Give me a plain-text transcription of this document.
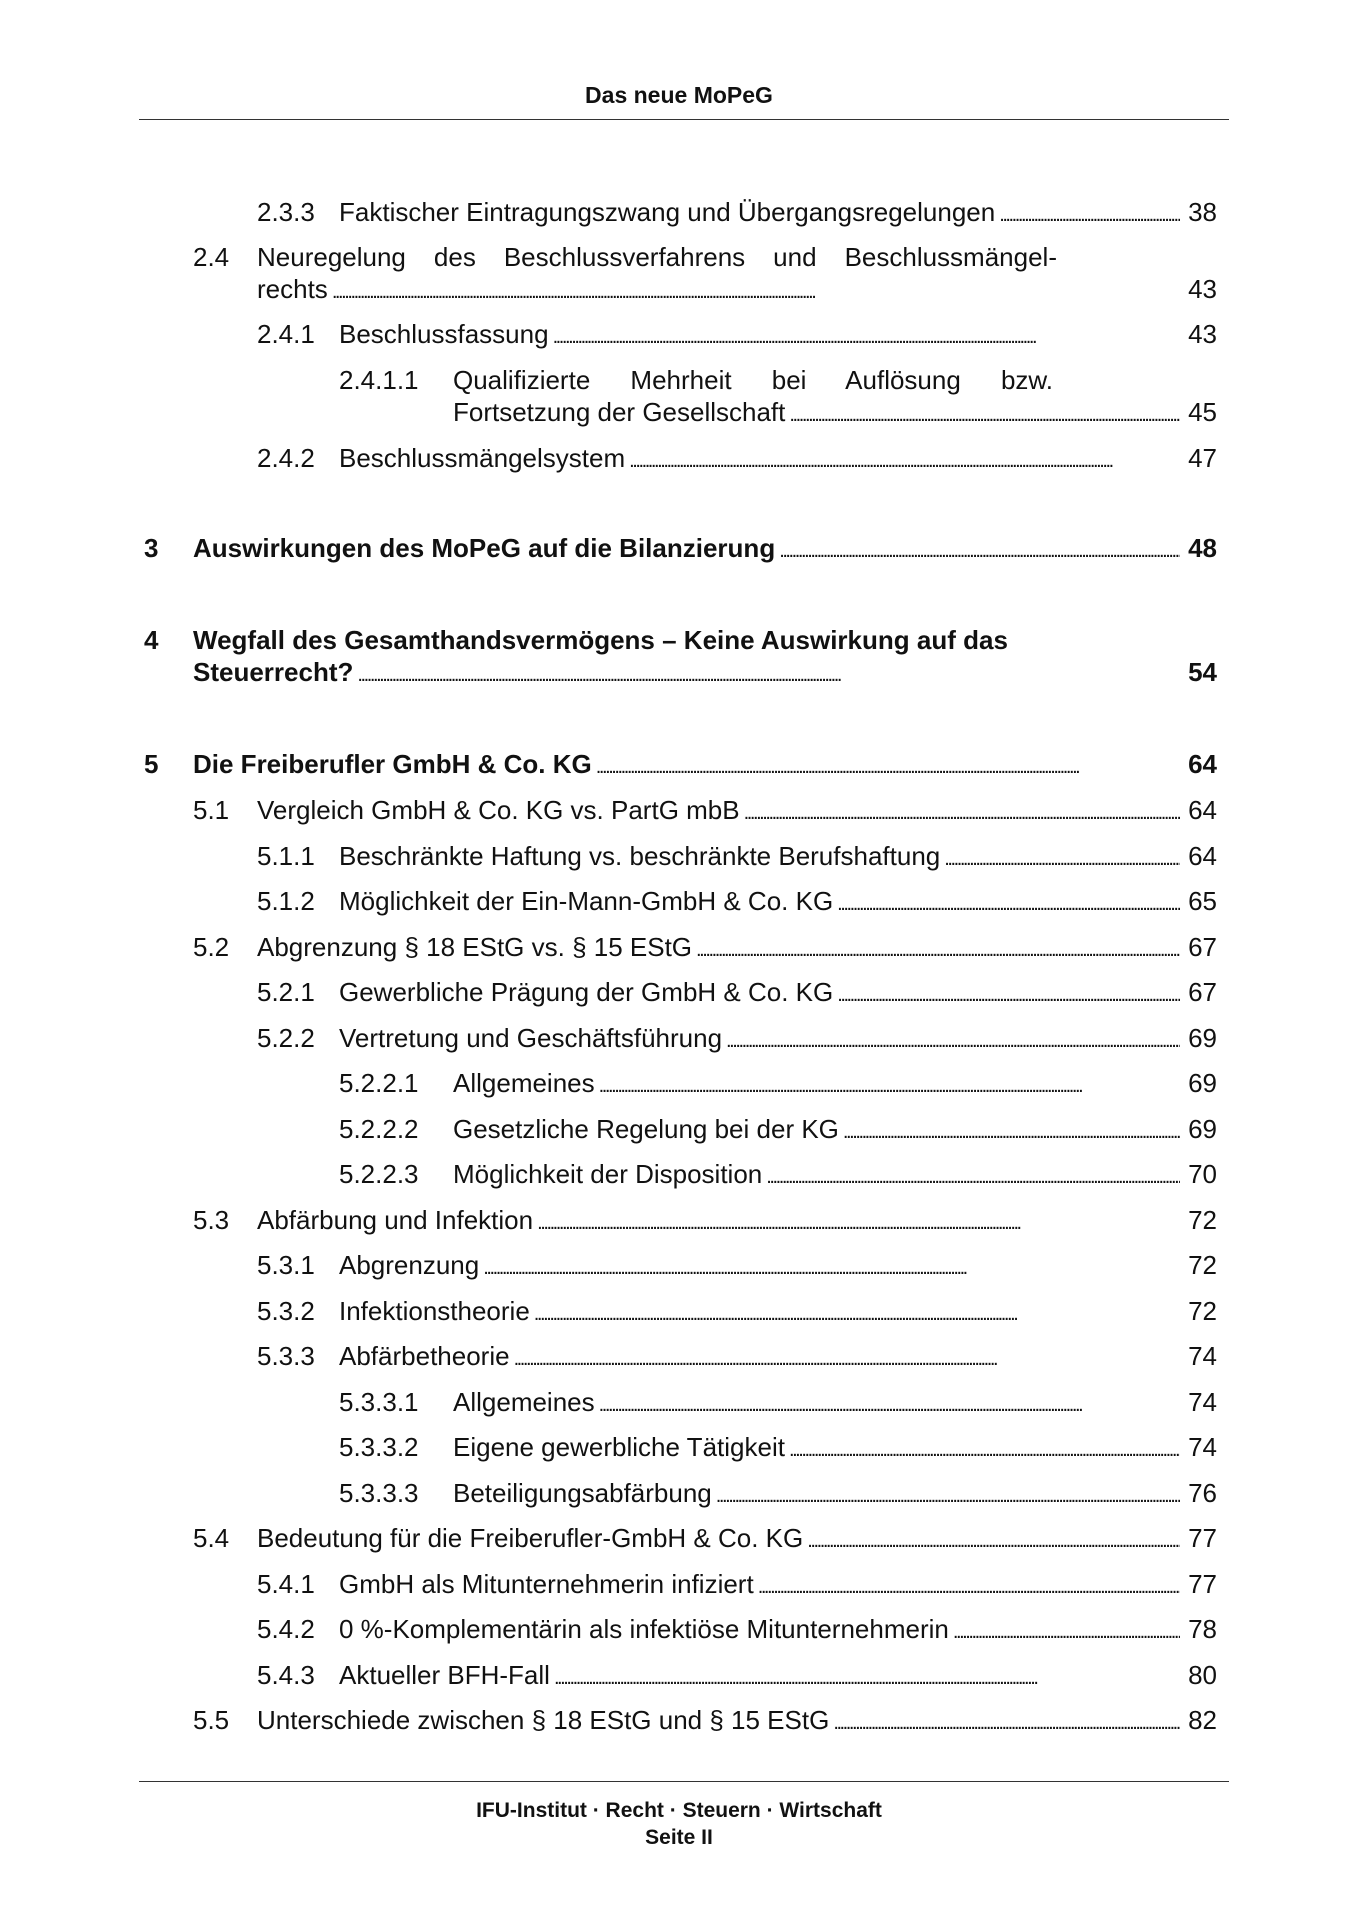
Das neue MoPeG
2.3.3 Faktischer Eintragungszwang und Übergangsregelungen . . .	38
2.4 Neuregelung des Beschlussverfahrens und Beschlussmängel-
rechts . . .	43
2.4.1 Beschlussfassung . . .	43
2.4.1.1 Qualifizierte Mehrheit bei Auflösung bzw.
Fortsetzung der Gesellschaft . . .	45
2.4.2 Beschlussmängelsystem . . .	47
3 Auswirkungen des MoPeG auf die Bilanzierung . . .	48
4 Wegfall des Gesamthandsvermögens – Keine Auswirkung auf das
Steuerrecht? . . .	54
5 Die Freiberufler GmbH & Co. KG . . .	64
5.1 Vergleich GmbH & Co. KG vs. PartG mbB . . .	64
5.1.1 Beschränkte Haftung vs. beschränkte Berufshaftung . . .	64
5.1.2 Möglichkeit der Ein-Mann-GmbH & Co. KG . . .	65
5.2 Abgrenzung § 18 EStG vs. § 15 EStG . . .	67
5.2.1 Gewerbliche Prägung der GmbH & Co. KG . . .	67
5.2.2 Vertretung und Geschäftsführung . . .	69
5.2.2.1 Allgemeines . . .	69
5.2.2.2 Gesetzliche Regelung bei der KG . . .	69
5.2.2.3 Möglichkeit der Disposition . . .	70
5.3 Abfärbung und Infektion . . .	72
5.3.1 Abgrenzung . . .	72
5.3.2 Infektionstheorie . . .	72
5.3.3 Abfärbetheorie . . .	74
5.3.3.1 Allgemeines . . .	74
5.3.3.2 Eigene gewerbliche Tätigkeit . . .	74
5.3.3.3 Beteiligungsabfärbung . . .	76
5.4 Bedeutung für die Freiberufler-GmbH & Co. KG . . .	77
5.4.1 GmbH als Mitunternehmerin infiziert . . .	77
5.4.2 0 %-Komplementärin als infektiöse Mitunternehmerin . . .	78
5.4.3 Aktueller BFH-Fall . . .	80
5.5 Unterschiede zwischen § 18 EStG und § 15 EStG . . .	82
IFU-Institut · Recht · Steuern · Wirtschaft
Seite II
